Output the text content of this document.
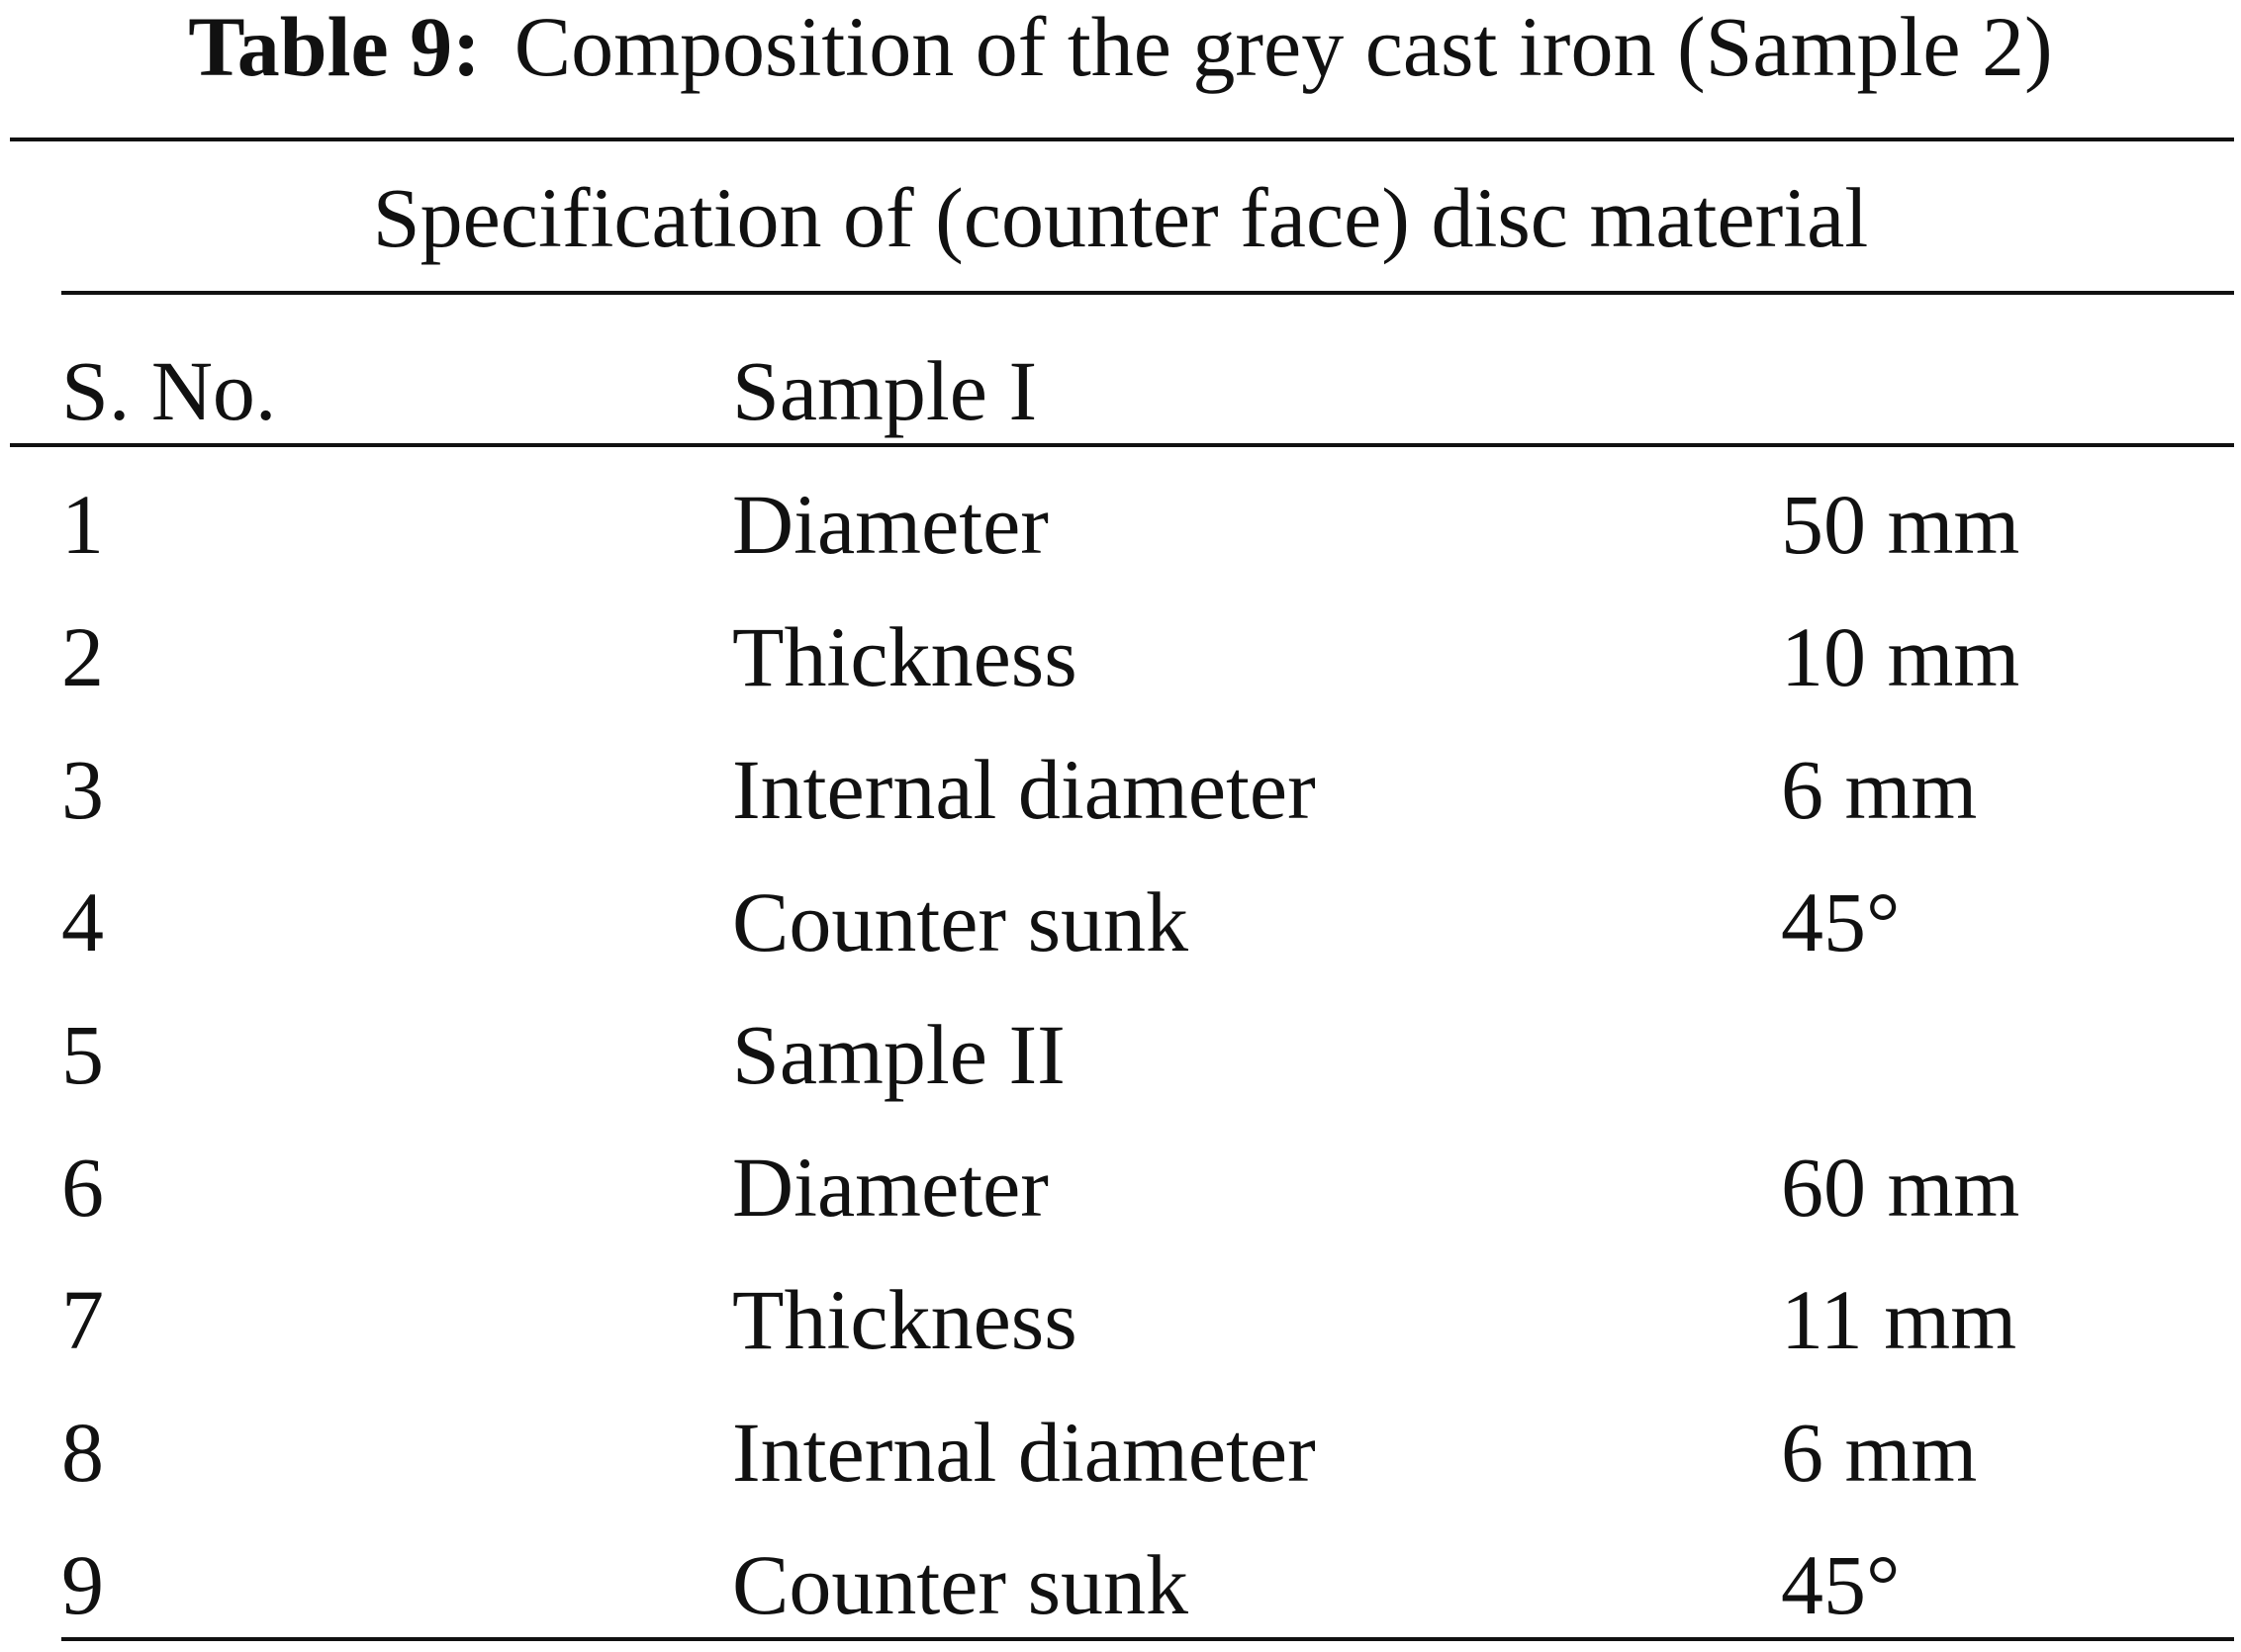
Table 9: Composition of the grey cast iron (Sample 2)
Specification of (counter face) disc material
S. No.	Sample I
1	Diameter	50 mm
2	Thickness	10 mm
3	Internal diameter	6 mm
4	Counter sunk	45°
5	Sample II
6	Diameter	60 mm
7	Thickness	11 mm
8	Internal diameter	6 mm
9	Counter sunk	45°
